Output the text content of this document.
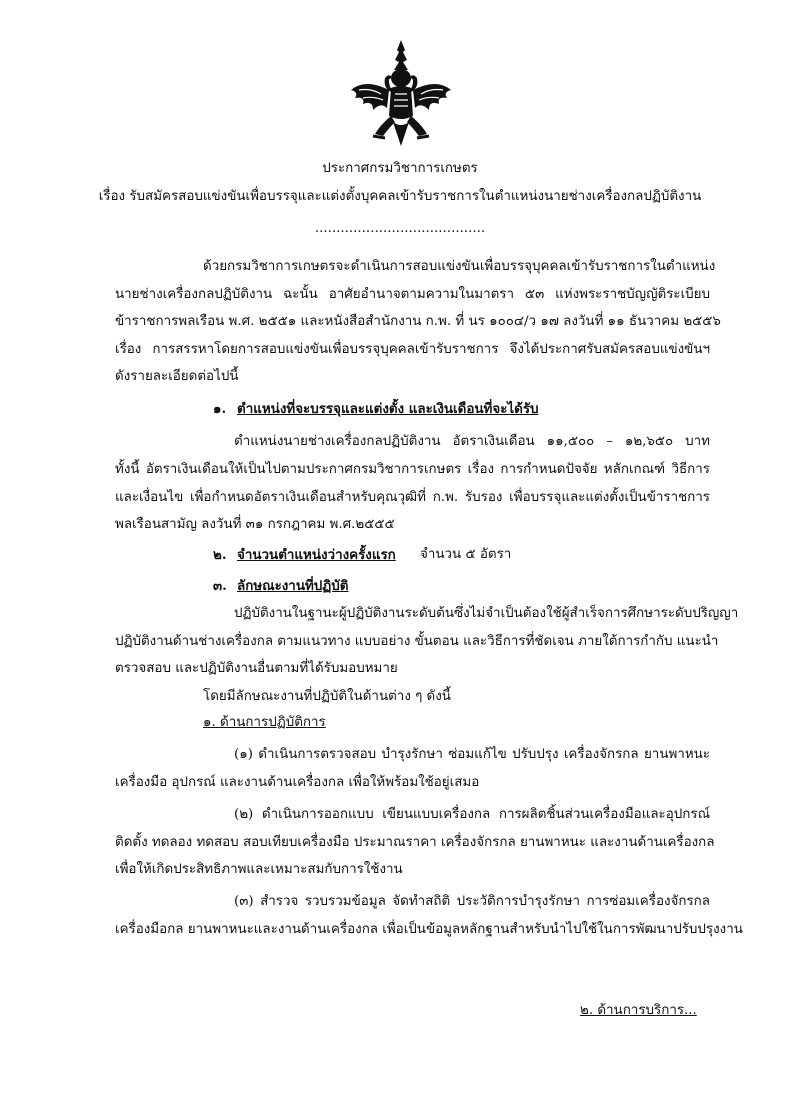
ประกาศกรมวิชาการเกษตร
เรื่อง รับสมัครสอบแข่งขันเพื่อบรรจุและแต่งตั้งบุคคลเข้ารับราชการในตำแหน่งนายช่างเครื่องกลปฏิบัติงาน
........................................
ด้วยกรมวิชาการเกษตรจะดำเนินการสอบแข่งขันเพื่อบรรจุบุคคลเข้ารับราชการในตำแหน่ง
นายช่างเครื่องกลปฏิบัติงาน ฉะนั้น อาศัยอำนาจตามความในมาตรา ๕๓ แห่งพระราชบัญญัติระเบียบ
ข้าราชการพลเรือน พ.ศ. ๒๕๕๑ และหนังสือสำนักงาน ก.พ. ที่ นร ๑๐๐๔/ว ๑๗ ลงวันที่ ๑๑ ธันวาคม ๒๕๕๖
เรื่อง การสรรหาโดยการสอบแข่งขันเพื่อบรรจุบุคคลเข้ารับราชการ จึงได้ประกาศรับสมัครสอบแข่งขันฯ
ดังรายละเอียดต่อไปนี้
๑. ตำแหน่งที่จะบรรจุและแต่งตั้ง และเงินเดือนที่จะได้รับ
ตำแหน่งนายช่างเครื่องกลปฏิบัติงาน อัตราเงินเดือน ๑๑,๕๐๐ – ๑๒,๖๕๐ บาท
ทั้งนี้ อัตราเงินเดือนให้เป็นไปตามประกาศกรมวิชาการเกษตร เรื่อง การกำหนดปัจจัย หลักเกณฑ์ วิธีการ
และเงื่อนไข เพื่อกำหนดอัตราเงินเดือนสำหรับคุณวุฒิที่ ก.พ. รับรอง เพื่อบรรจุและแต่งตั้งเป็นข้าราชการ
พลเรือนสามัญ ลงวันที่ ๓๑ กรกฎาคม พ.ศ.๒๕๕๕
๒. จำนวนตำแหน่งว่างครั้งแรก จำนวน ๕ อัตรา
๓. ลักษณะงานที่ปฏิบัติ
ปฏิบัติงานในฐานะผู้ปฏิบัติงานระดับต้นซึ่งไม่จำเป็นต้องใช้ผู้สำเร็จการศึกษาระดับปริญญา
ปฏิบัติงานด้านช่างเครื่องกล ตามแนวทาง แบบอย่าง ขั้นตอน และวิธีการที่ชัดเจน ภายใต้การกำกับ แนะนำ
ตรวจสอบ และปฏิบัติงานอื่นตามที่ได้รับมอบหมาย
โดยมีลักษณะงานที่ปฏิบัติในด้านต่าง ๆ ดังนี้
๑. ด้านการปฏิบัติการ
(๑) ดำเนินการตรวจสอบ บำรุงรักษา ซ่อมแก้ไข ปรับปรุง เครื่องจักรกล ยานพาหนะ
เครื่องมือ อุปกรณ์ และงานด้านเครื่องกล เพื่อให้พร้อมใช้อยู่เสมอ
(๒) ดำเนินการออกแบบ เขียนแบบเครื่องกล การผลิตชิ้นส่วนเครื่องมือและอุปกรณ์
ติดตั้ง ทดลอง ทดสอบ สอบเทียบเครื่องมือ ประมาณราคา เครื่องจักรกล ยานพาหนะ และงานด้านเครื่องกล
เพื่อให้เกิดประสิทธิภาพและเหมาะสมกับการใช้งาน
(๓) สำรวจ รวบรวมข้อมูล จัดทำสถิติ ประวัติการบำรุงรักษา การซ่อมเครื่องจักรกล
เครื่องมือกล ยานพาหนะและงานด้านเครื่องกล เพื่อเป็นข้อมูลหลักฐานสำหรับนำไปใช้ในการพัฒนาปรับปรุงงาน
๒. ด้านการบริการ...
